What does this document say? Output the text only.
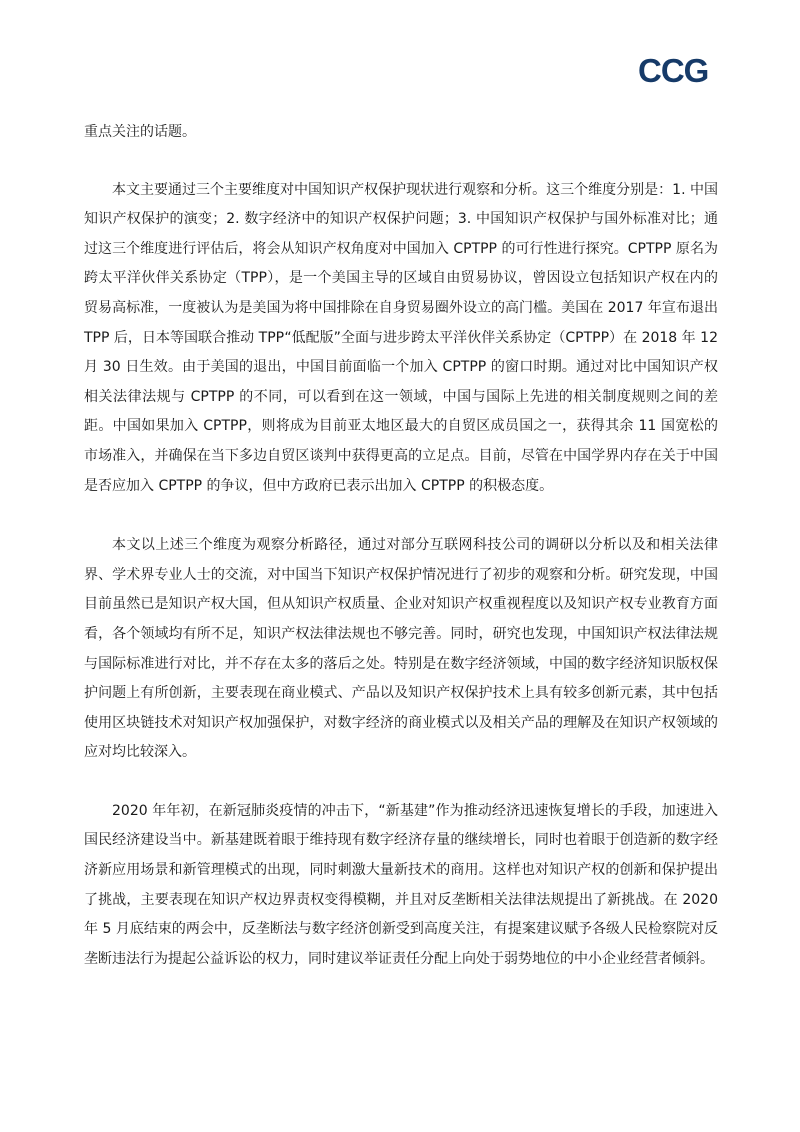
CCG

重点关注的话题。

本文主要通过三个主要维度对中国知识产权保护现状进行观察和分析。这三个维度分别是：1. 中国知识产权保护的演变；2. 数字经济中的知识产权保护问题；3. 中国知识产权保护与国外标准对比；通过这三个维度进行评估后，将会从知识产权角度对中国加入 CPTPP 的可行性进行探究。CPTPP 原名为跨太平洋伙伴关系协定（TPP），是一个美国主导的区域自由贸易协议，曾因设立包括知识产权在内的贸易高标准，一度被认为是美国为将中国排除在自身贸易圈外设立的高门槛。美国在 2017 年宣布退出 TPP 后，日本等国联合推动 TPP“低配版”全面与进步跨太平洋伙伴关系协定（CPTPP）在 2018 年 12 月 30 日生效。由于美国的退出，中国目前面临一个加入 CPTPP 的窗口时期。通过对比中国知识产权相关法律法规与 CPTPP 的不同，可以看到在这一领域，中国与国际上先进的相关制度规则之间的差距。中国如果加入 CPTPP，则将成为目前亚太地区最大的自贸区成员国之一，获得其余 11 国宽松的市场准入，并确保在当下多边自贸区谈判中获得更高的立足点。目前，尽管在中国学界内存在关于中国是否应加入 CPTPP 的争议，但中方政府已表示出加入 CPTPP 的积极态度。

本文以上述三个维度为观察分析路径，通过对部分互联网科技公司的调研以分析以及和相关法律界、学术界专业人士的交流，对中国当下知识产权保护情况进行了初步的观察和分析。研究发现，中国目前虽然已是知识产权大国，但从知识产权质量、企业对知识产权重视程度以及知识产权专业教育方面看，各个领域均有所不足，知识产权法律法规也不够完善。同时，研究也发现，中国知识产权法律法规与国际标准进行对比，并不存在太多的落后之处。特别是在数字经济领域，中国的数字经济知识版权保护问题上有所创新，主要表现在商业模式、产品以及知识产权保护技术上具有较多创新元素，其中包括使用区块链技术对知识产权加强保护，对数字经济的商业模式以及相关产品的理解及在知识产权领域的应对均比较深入。

2020 年年初，在新冠肺炎疫情的冲击下，“新基建”作为推动经济迅速恢复增长的手段，加速进入国民经济建设当中。新基建既着眼于维持现有数字经济存量的继续增长，同时也着眼于创造新的数字经济新应用场景和新管理模式的出现，同时刺激大量新技术的商用。这样也对知识产权的创新和保护提出了挑战，主要表现在知识产权边界责权变得模糊，并且对反垄断相关法律法规提出了新挑战。在 2020 年 5 月底结束的两会中，反垄断法与数字经济创新受到高度关注，有提案建议赋予各级人民检察院对反垄断违法行为提起公益诉讼的权力，同时建议举证责任分配上向处于弱势地位的中小企业经营者倾斜。
